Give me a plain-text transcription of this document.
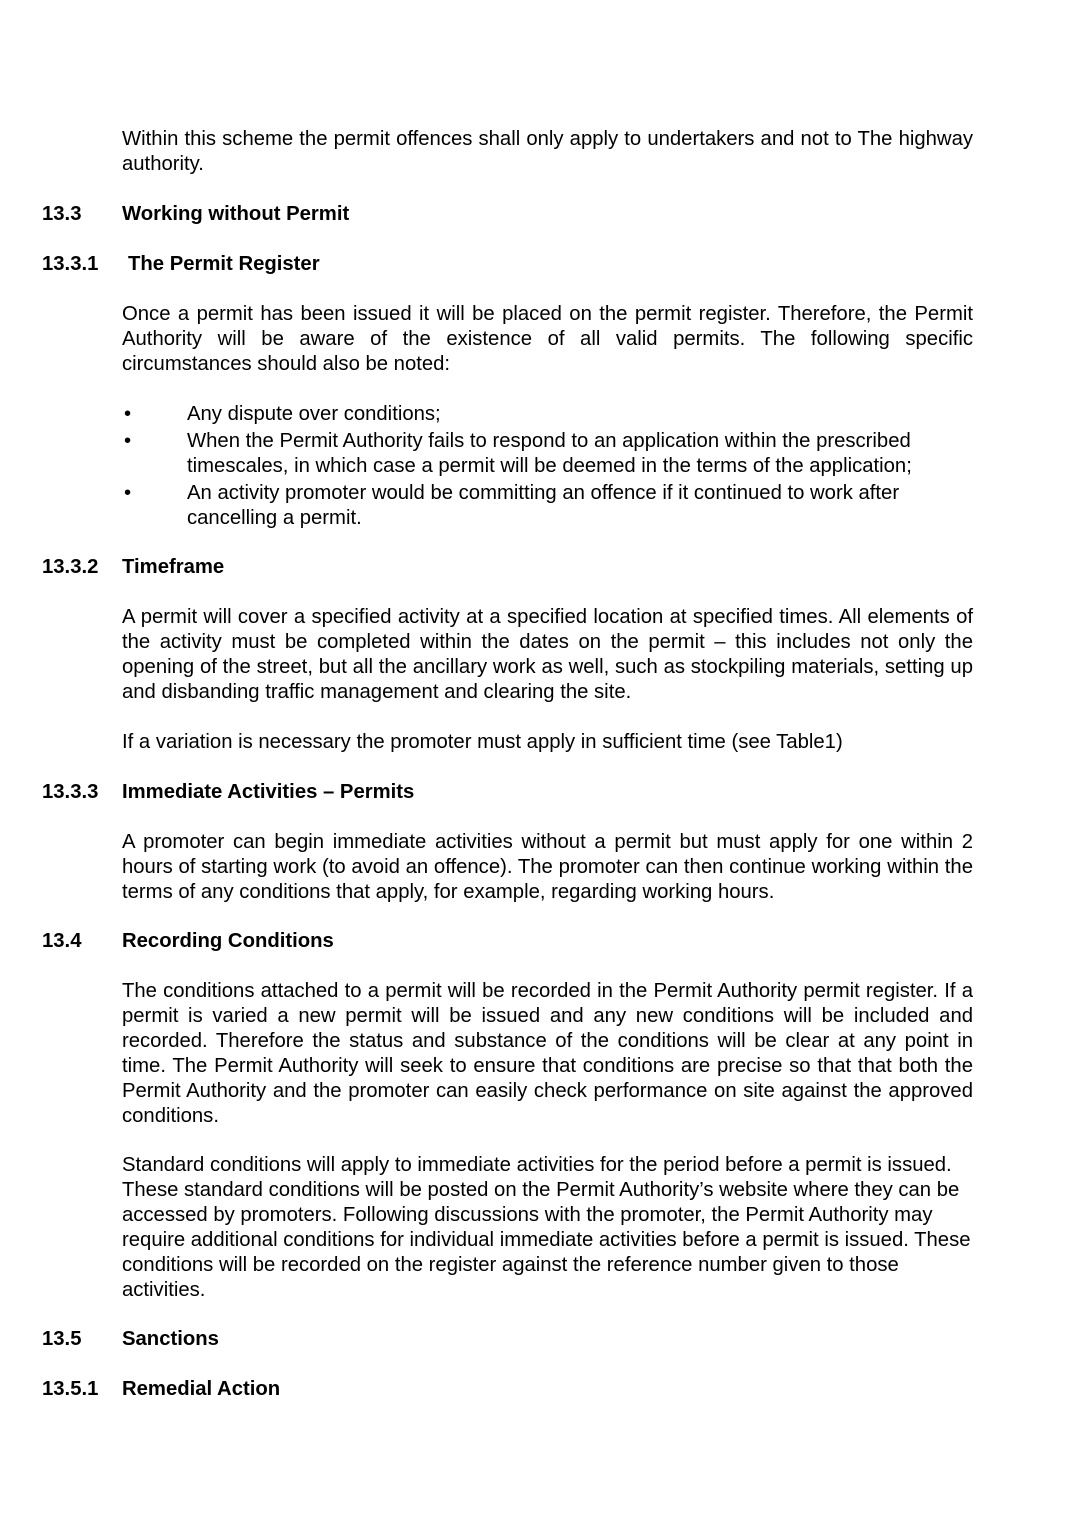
Within this scheme the permit offences shall only apply to undertakers and not to The highway authority.

13.3 Working without Permit
13.3.1 The Permit Register

Once a permit has been issued it will be placed on the permit register. Therefore, the Permit Authority will be aware of the existence of all valid permits. The following specific circumstances should also be noted:

•	Any dispute over conditions;
•	When the Permit Authority fails to respond to an application within the prescribed timescales, in which case a permit will be deemed in the terms of the application;
•	An activity promoter would be committing an offence if it continued to work after cancelling a permit.
13.3.2 Timeframe

A permit will cover a specified activity at a specified location at specified times. All elements of the activity must be completed within the dates on the permit – this includes not only the opening of the street, but all the ancillary work as well, such as stockpiling materials, setting up and disbanding traffic management and clearing the site.

If a variation is necessary the promoter must apply in sufficient time (see Table1)

13.3.3 Immediate Activities – Permits

A promoter can begin immediate activities without a permit but must apply for one within 2 hours of starting work (to avoid an offence). The promoter can then continue working within the terms of any conditions that apply, for example, regarding working hours.

13.4 Recording Conditions

The conditions attached to a permit will be recorded in the Permit Authority permit register. If a permit is varied a new permit will be issued and any new conditions will be included and recorded. Therefore the status and substance of the conditions will be clear at any point in time. The Permit Authority will seek to ensure that conditions are precise so that that both the Permit Authority and the promoter can easily check performance on site against the approved conditions.

Standard conditions will apply to immediate activities for the period before a permit is issued. These standard conditions will be posted on the Permit Authority’s website where they can be accessed by promoters. Following discussions with the promoter, the Permit Authority may require additional conditions for individual immediate activities before a permit is issued. These conditions will be recorded on the register against the reference number given to those activities.

13.5 Sanctions
13.5.1 Remedial Action
